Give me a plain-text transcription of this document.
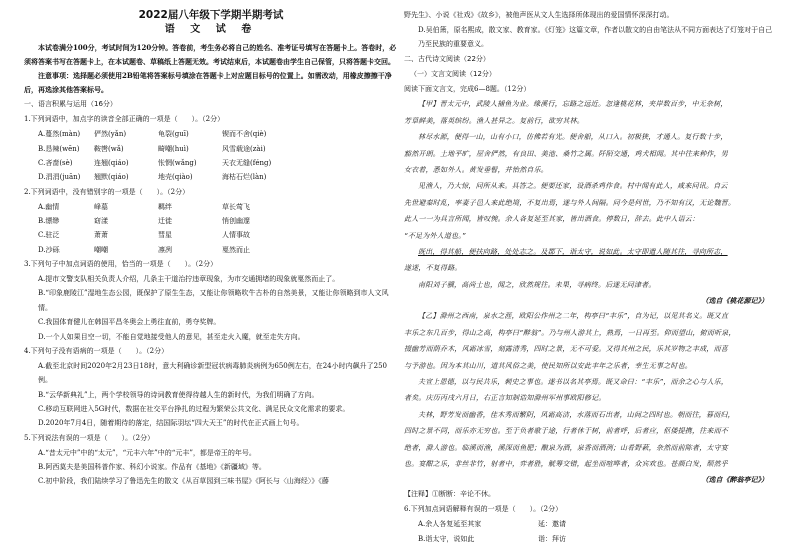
2022届八年级下学期半期考试
语 文 试 卷

本试卷满分100分，考试时间为120分钟。答卷前，考生务必将自己的姓名、准考证号填写在答题卡上。答卷时，必须将答案书写在答题卡上，在本试题卷、草稿纸上答题无效。考试结束后，本试题卷由学生自己保管，只将答题卡交回。

注意事项：选择题必须使用2B铅笔将答案标号填涂在答题卡上对应题目标号的位置上。如需改动，用橡皮擦擦干净后，再选涂其他答案标号。

一、语言积累与运用（16分）
1.下列词语中，加点字的读音全部正确的一项是（　　）。（2分）
A.蔓然(màn)	俨然(yǎn)	龟裂(guī)	锲而不舍(qiè)
B.恳辣(wēn)	鞍辔(wǎ)	畸嘲(huì)	风雪载途(zài)
C.吝啬(sè)	连翘(qiáo)	怅惘(wǎng)	天衣无缝(féng)
D.涓涓(juān)	翘默(qiáo)	地壳(qiào)	海枯石烂(làn)
2.下列词语中，没有错别字的一项是（　　）。（2分）
A.幽情	峰墓	羁绊	草长莺飞
B.缥缈	窈漾	迁徙	悄创幽邃
C.驻泛	萧萧	彗星	人情事故
D.沙砾	嘲嘲	凛冽	戛然而止
3.下列句子中加点词语的使用，恰当的一项是（　　）。（2分）

A.提市文警支队相关负责人介绍，几条主干道治拧违章现象，为市交通拥堵的现象就戛然而止了。

B.“印象鹿陵江”湿地生态公园，既保护了原生生态，又能让你领略吹牛古朴的自然美景，又能让你领略到市人文风情。

C.我国体育健儿在韩国平昌冬奥会上勇往直前，勇夺奖牌。

D.一个人如果目空一切，不能自觉地接受他人的意见，甚至走火入魔，就至走失方向。

4.下列句子没有语病的一项是（　　）。（2分）

A.截至北京时间2020年2月23日18时，意大利确诊新型冠状病毒肺炎病例为650例左右，在24小时内飙升了250例。

B.“云华新典礼”上，两个学校领导的诗词教育使得待越人生的新时代，为我们明确了方向。

C.移动互联网进入5G时代，数据在社交平台挣扎的过程为繁荣公共文化、满足民众文化需求的要求。

D.2020年7月4日，随着期待的落定，结国际羽坛“四大天王”的时代在正式画上句号。

5.下列说法有误的一项是（　　）。（2分）

A.“昔太元中”中的“太元”，“元丰六年”中的“元丰”，都是帝王的年号。

B.阿西莫夫是美国科普作家、科幻小说家。作品有《基地》《新疆域》等。

C.初中阶段，我们陆续学习了鲁迅先生的散文《从百草园到三味书屋》《阿长与〈山海经〉》《藤

野先生》、小说《社戏》《故乡》，被他声医从文人生选择所体现出的爱国情怀深深打动。

D.吴伯箫，原名熙成，散文家、教育家。《灯笼》这篇文章，作者以散文的自由笔法从不同方面表达了灯笼对于自己乃至民族的重要意义。

二、古代诗文阅读（22分）
（一）文言文阅读（12分）
阅读下面文言文，完成6—8题。（12分）
【甲】晋太元中，武陵人捕鱼为业。缘溪行，忘路之远近。忽逢桃花林，夹岸数百步，中无杂树，
芳草鲜美，落英缤纷。渔人甚异之。复前行，欲穷其林。
林尽水源，便得一山，山有小口，仿佛若有光。便舍船，从口入。初极狭，才通人。复行数十步，
豁然开朗。土地平旷，屋舍俨然，有良田、美池、桑竹之属。阡陌交通，鸡犬相闻。其中往来种作，男
女衣着，悉如外人。黄发垂髫，并怡然自乐。
见渔人，乃大惊，问所从来。具答之。便要还家，设酒杀鸡作食。村中闻有此人，咸来问讯。自云
先世避秦时乱，率妻子邑人来此绝境，不复出焉，遂与外人间隔。问今是何世，乃不知有汉，无论魏晋。
此人一一为具言所闻，皆叹惋。余人各复延至其家，皆出酒食。停数日，辞去。此中人语云：
“不足为外人道也。”
既出，得其船，便扶向路，处处志之。及郡下，诣太守，说如此。太守即遣人随其往，寻向所志，
遂迷，不复得路。
南阳刘子骥，高尚士也，闻之，欣然规往。未果，寻病终。后遂无问津者。
（选自《桃花源记》）
【乙】滁州之西南，泉水之涯，欧阳公作州之二年，构亭曰“丰乐”，自为记，以见其名义。既又直
丰乐之东几百步，得山之高，构亭曰“醉翁”。乃与州人游其上，熟焉，一日再至。仰而望山，俯而听泉，
掇幽芳而荫乔木，风霜冰雪，刻露清秀，四时之景，无不可爱。又得其州之民，乐其岁物之丰成，而喜
与予游也。因为本其山川，道其风俗之美，使民知所以安此丰年之乐者，幸生无事之时也。
夫宣上恩德，以与民共乐，刺史之事也。遂书以名其亭焉。既又命曰：“丰乐”，而余之心与人乐，
者矣。庆历丙戌六月日，右正言知制诰知滁州军州事欧阳修记。
夫林，野芳发而幽香，佳木秀而繁阴，风霜高洁，水落而石出者，山间之四时也。朝而往，暮而归，
四时之景不同，而乐亦无穷也。至于负者歌于途，行者休于树，前者呼，后者应，伛偻提携，往来而不
绝者，滁人游也。临溪而渔，溪深而鱼肥；酿泉为酒，泉香而酒洌；山肴野蔌，杂然而前陈者，太守宴
也。宴酣之乐，非丝非竹，射者中，弈者胜，觥筹交错，起坐而喧哗者，众宾欢也。苍颜白发，颓然乎
（选自《醉翁亭记》）
【注释】①断断：辛论不休。
6.下列加点词语解释有误的一项是（　　）。（2分）
A.余人各复延至其家	延：邀请
B.诣太守，说如此	诣：拜访
